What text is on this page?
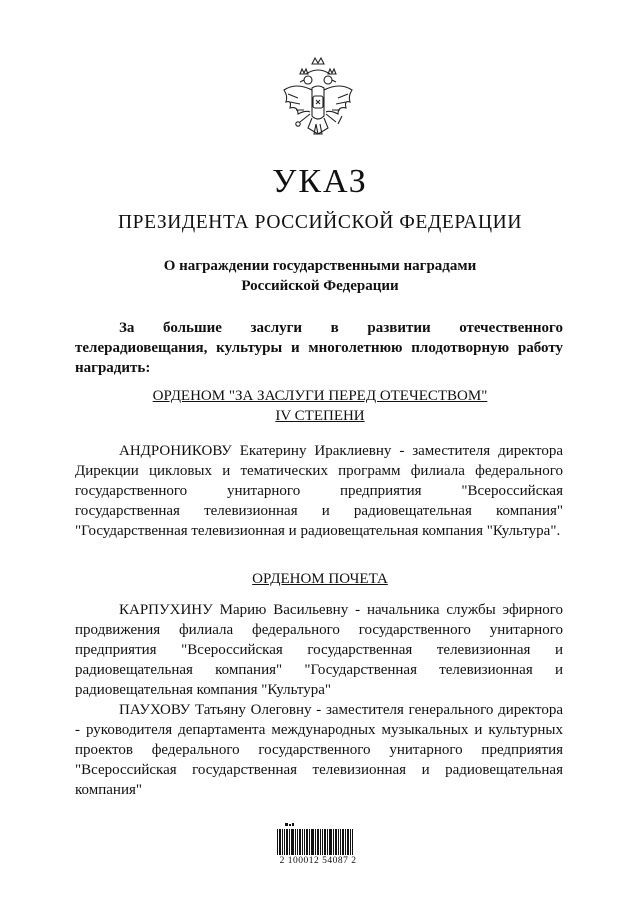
УКАЗ
ПРЕЗИДЕНТА РОССИЙСКОЙ ФЕДЕРАЦИИ
О награждении государственными наградами
Российской Федерации

За большие заслуги в развитии отечественного телерадиовещания, культуры и многолетнюю плодотворную работу наградить:

ОРДЕНОМ "ЗА ЗАСЛУГИ ПЕРЕД ОТЕЧЕСТВОМ"
IV СТЕПЕНИ

АНДРОНИКОВУ Екатерину Ираклиевну - заместителя директора Дирекции цикловых и тематических программ филиала федерального государственного унитарного предприятия "Всероссийская государственная телевизионная и радиовещательная компания" "Государственная телевизионная и радиовещательная компания "Культура".

ОРДЕНОМ ПОЧЕТА

КАРПУХИНУ Марию Васильевну - начальника службы эфирного продвижения филиала федерального государственного унитарного предприятия "Всероссийская государственная телевизионная и радиовещательная компания" "Государственная телевизионная и радиовещательная компания "Культура"

ПАУХОВУ Татьяну Олеговну - заместителя генерального директора - руководителя департамента международных музыкальных и культурных проектов федерального государственного унитарного предприятия "Всероссийская государственная телевизионная и радиовещательная компания"

2 100012 54087 2
